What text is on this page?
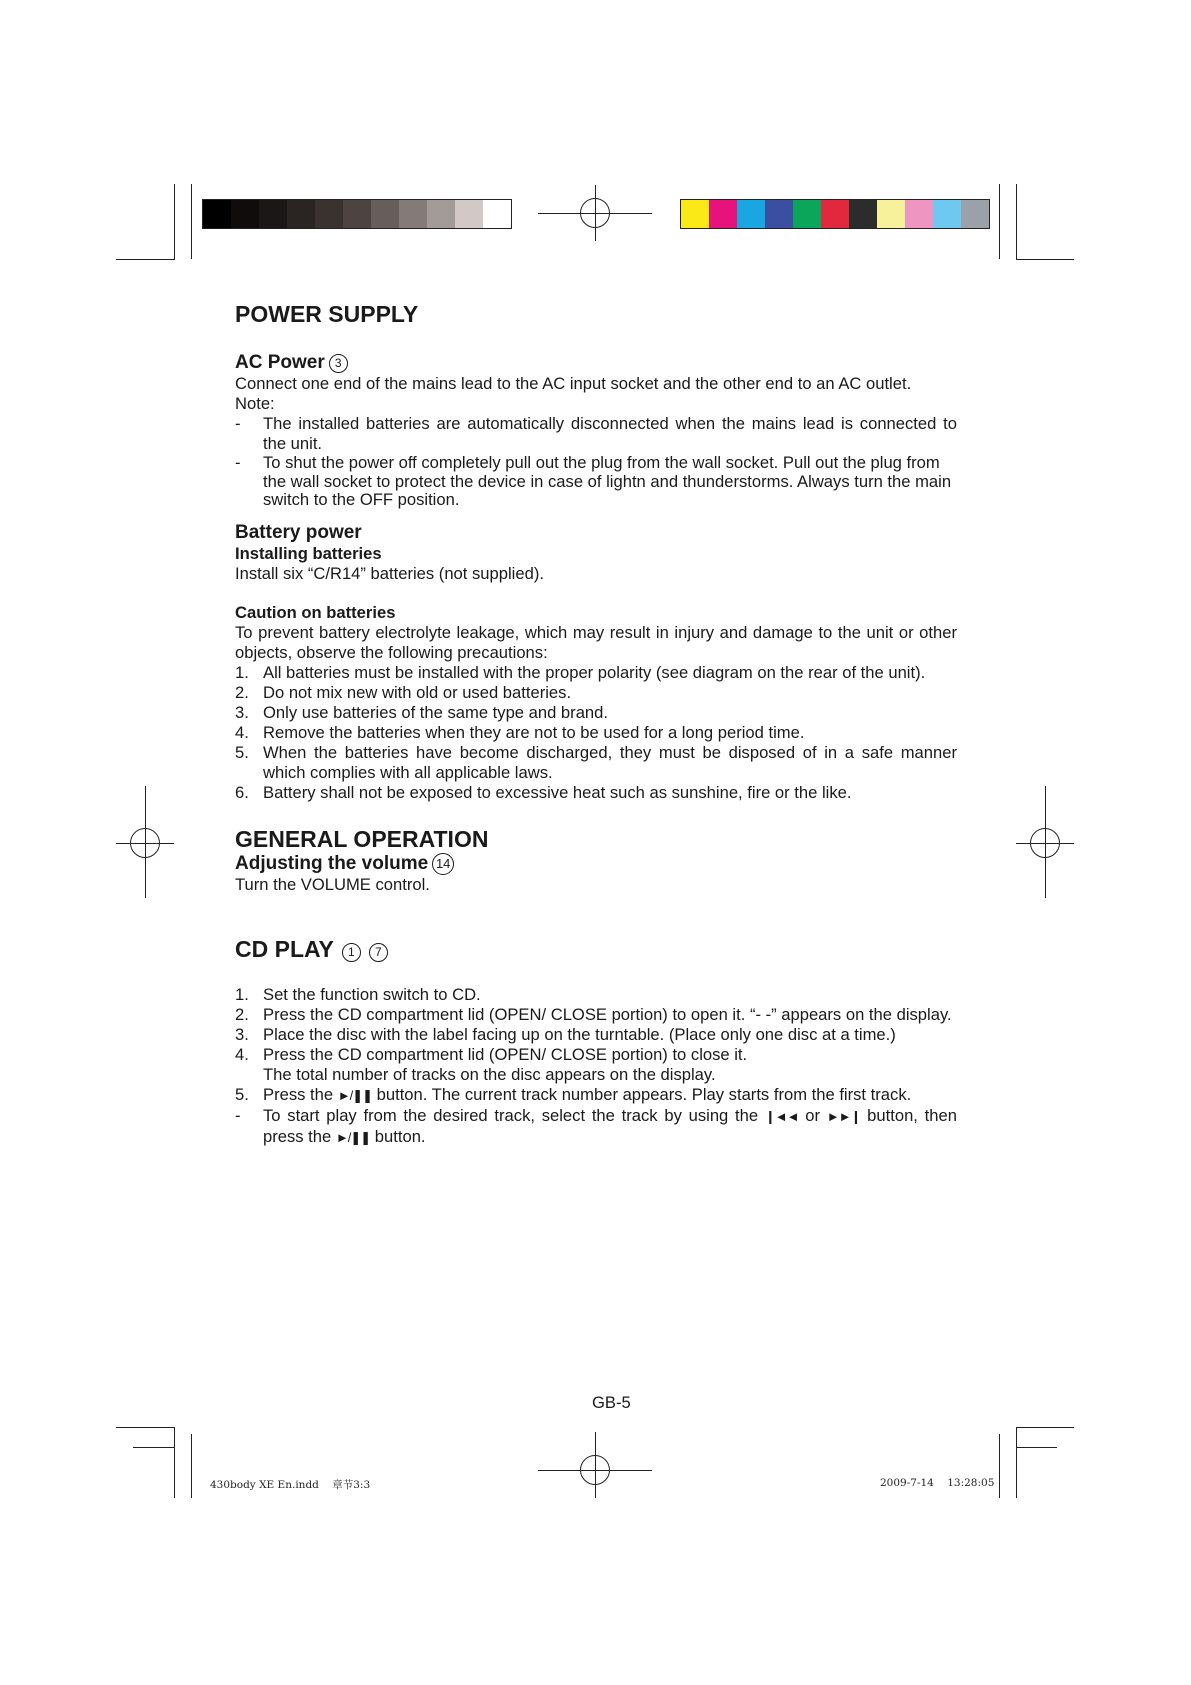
POWER SUPPLY
AC Power 3

Connect one end of the mains lead to the AC input socket and the other end to an AC outlet.

Note:

-	The installed batteries are automatically disconnected when the mains lead is connected to the unit.
-	To shut the power off completely pull out the plug from the wall socket. Pull out the plug from the wall socket to protect the device in case of lightn and thunderstorms. Always turn the main switch to the OFF position.
Battery power
Installing batteries

Install six “C/R14” batteries (not supplied).

Caution on batteries

To prevent battery electrolyte leakage, which may result in injury and damage to the unit or other objects, observe the following precautions:

1. All batteries must be installed with the proper polarity (see diagram on the rear of the unit).
2. Do not mix new with old or used batteries.
3. Only use batteries of the same type and brand.
4. Remove the batteries when they are not to be used for a long period time.
5. When the batteries have become discharged, they must be disposed of in a safe manner which complies with all applicable laws.
6. Battery shall not be exposed to excessive heat such as sunshine, fire or the like.
GENERAL OPERATION
Adjusting the volume 14

Turn the VOLUME control.

CD PLAY 1 7
1. Set the function switch to CD.
2. Press the CD compartment lid (OPEN/ CLOSE portion) to open it. “- -” appears on the display.
3. Place the disc with the label facing up on the turntable. (Place only one disc at a time.)
4. Press the CD compartment lid (OPEN/ CLOSE portion) to close it.
The total number of tracks on the disc appears on the display.
5. Press the ►/❚❚ button. The current track number appears. Play starts from the first track.
-	To start play from the desired track, select the track by using the ❙◄◄ or ►►❙ button, then press the ►/❚❚ button.
GB-5
430body XE En.indd 章节3:3	2009-7-14 13:28:05
